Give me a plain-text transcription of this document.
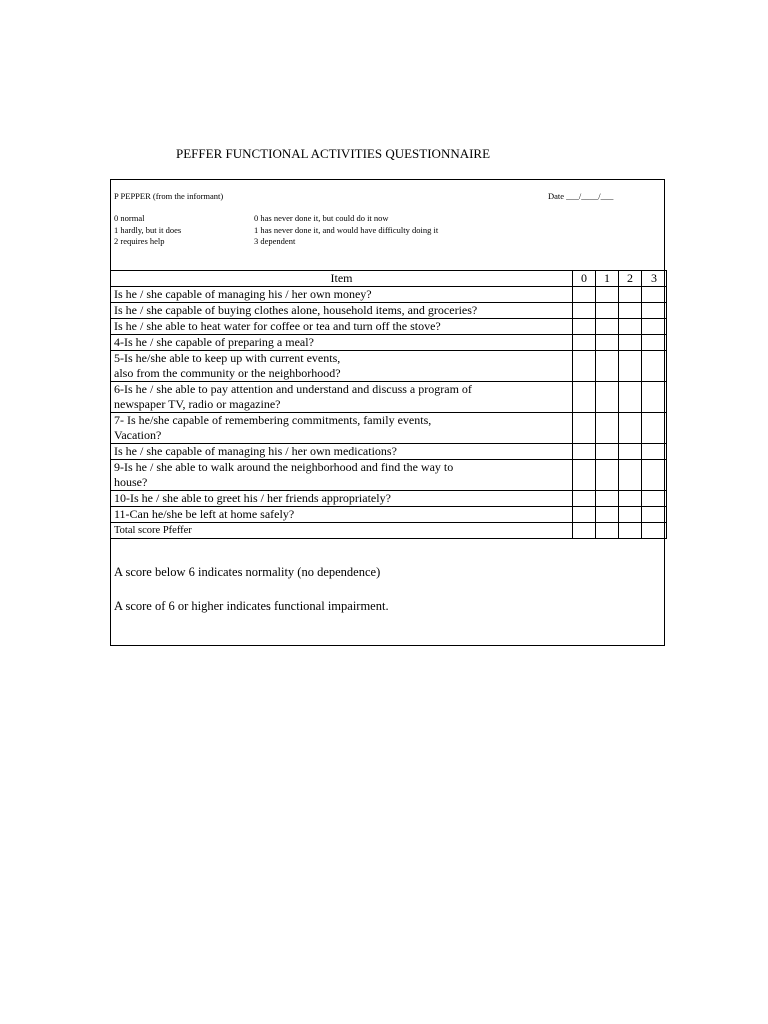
PEFFER FUNCTIONAL ACTIVITIES QUESTIONNAIRE
P PEPPER (from the informant)	Date ___/____/___
0 normal
1 hardly, but it does
2 requires help
0 has never done it, but could do it now
1 has never done it, and would have difficulty doing it
3 dependent
Item	0	1	2	3

Is he / she capable of managing his / her own money?				

Is he / she capable of buying clothes alone, household items, and groceries?				

Is he / she able to heat water for coffee or tea and turn off the stove?				

4-Is he / she capable of preparing a meal?				

5-Is he/she able to keep up with current events,
also from the community or the neighborhood?				

6-Is he / she able to pay attention and understand and discuss a program of
newspaper TV, radio or magazine?				

7- Is he/she capable of remembering commitments, family events,
Vacation?				

Is he / she capable of managing his / her own medications?				

9-Is he / she able to walk around the neighborhood and find the way to
house?				

10-Is he / she able to greet his / her friends appropriately?				

11-Can he/she be left at home safely?				

Total score Pfeffer				
A score below 6 indicates normality (no dependence)
A score of 6 or higher indicates functional impairment.
